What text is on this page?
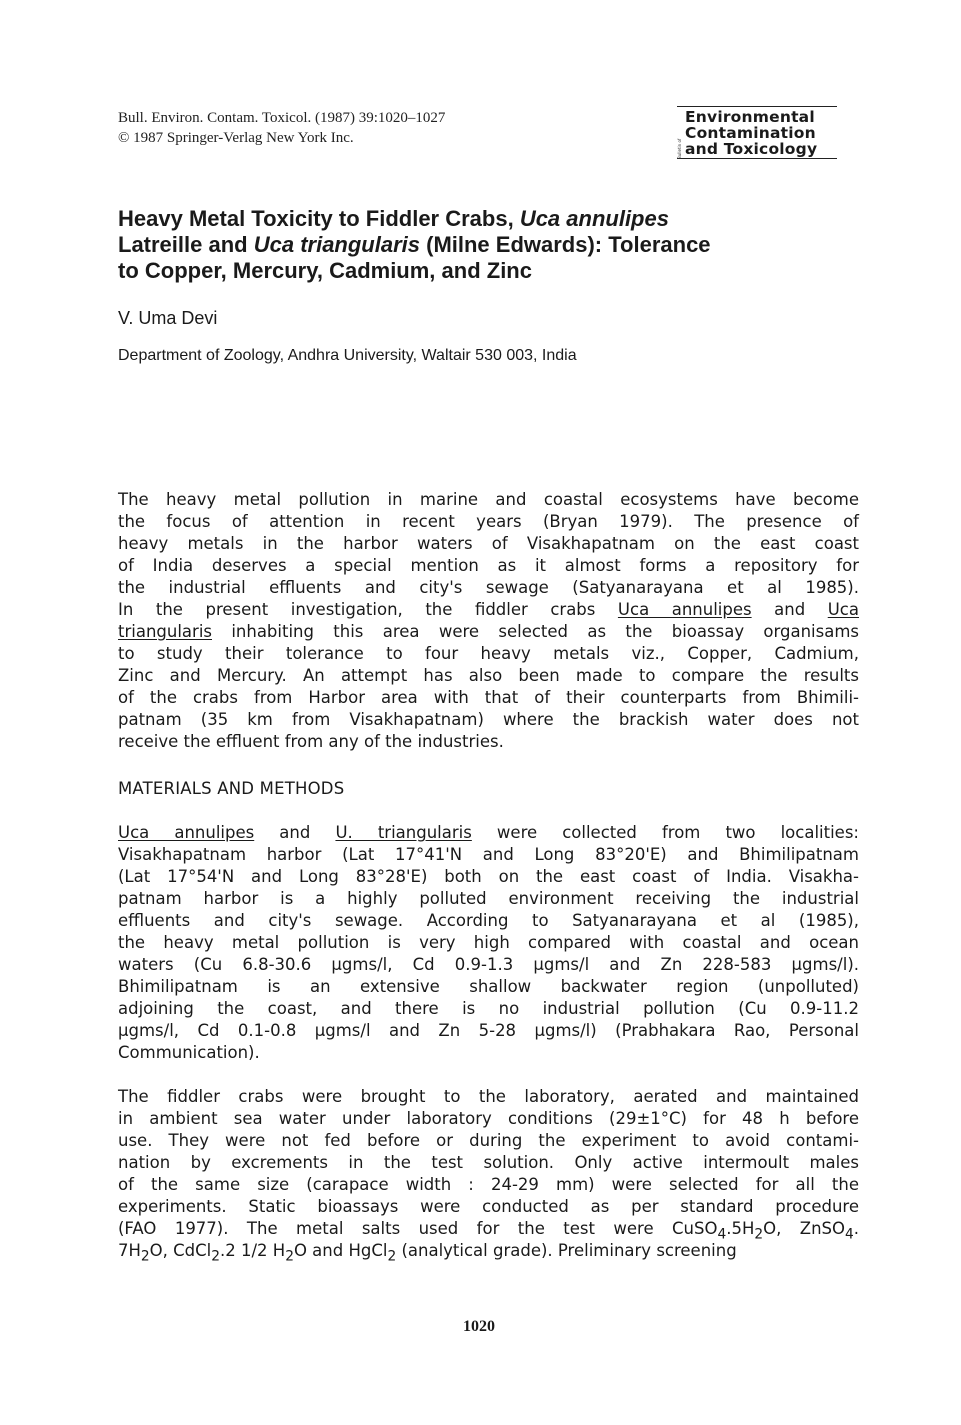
Bull. Environ. Contam. Toxicol. (1987) 39:1020–1027
© 1987 Springer-Verlag New York Inc.
Bulletin of
Environmental
Contamination
and Toxicology
Heavy Metal Toxicity to Fiddler Crabs, Uca annulipes
Latreille and Uca triangularis (Milne Edwards): Tolerance
to Copper, Mercury, Cadmium, and Zinc
V. Uma Devi
Department of Zoology, Andhra University, Waltair 530 003, India
The heavy metal pollution in marine and coastal ecosystems have become
the focus of attention in recent years (Bryan 1979). The presence of
heavy metals in the harbor waters of Visakhapatnam on the east coast
of India deserves a special mention as it almost forms a repository for
the industrial effluents and city's sewage (Satyanarayana et al 1985).
In the present investigation, the fiddler crabs Uca annulipes and Uca
triangularis inhabiting this area were selected as the bioassay organisams
to study their tolerance to four heavy metals viz., Copper, Cadmium,
Zinc and Mercury. An attempt has also been made to compare the results
of the crabs from Harbor area with that of their counterparts from Bhimili-
patnam (35 km from Visakhapatnam) where the brackish water does not
receive the effluent from any of the industries.
MATERIALS AND METHODS
Uca annulipes and U. triangularis were collected from two localities:
Visakhapatnam harbor (Lat 17°41'N and Long 83°20'E) and Bhimilipatnam
(Lat 17°54'N and Long 83°28'E) both on the east coast of India. Visakha-
patnam harbor is a highly polluted environment receiving the industrial
effluents and city's sewage. According to Satyanarayana et al (1985),
the heavy metal pollution is very high compared with coastal and ocean
waters (Cu 6.8-30.6 μgms/l, Cd 0.9-1.3 μgms/l and Zn 228-583 μgms/l).
Bhimilipatnam is an extensive shallow backwater region (unpolluted)
adjoining the coast, and there is no industrial pollution (Cu 0.9-11.2
μgms/l, Cd 0.1-0.8 μgms/l and Zn 5-28 μgms/l) (Prabhakara Rao, Personal
Communication).
The fiddler crabs were brought to the laboratory, aerated and maintained
in ambient sea water under laboratory conditions (29±1°C) for 48 h before
use. They were not fed before or during the experiment to avoid contami-
nation by excrements in the test solution. Only active intermoult males
of the same size (carapace width : 24-29 mm) were selected for all the
experiments. Static bioassays were conducted as per standard procedure
(FAO 1977). The metal salts used for the test were $CuSO_4.5H_2O$, ZnSO$_4$.
$7H_2O$, CdCl$_2$.2 1/2 $H_2O$ and HgCl$_2$ (analytical grade). Preliminary screening
1020
